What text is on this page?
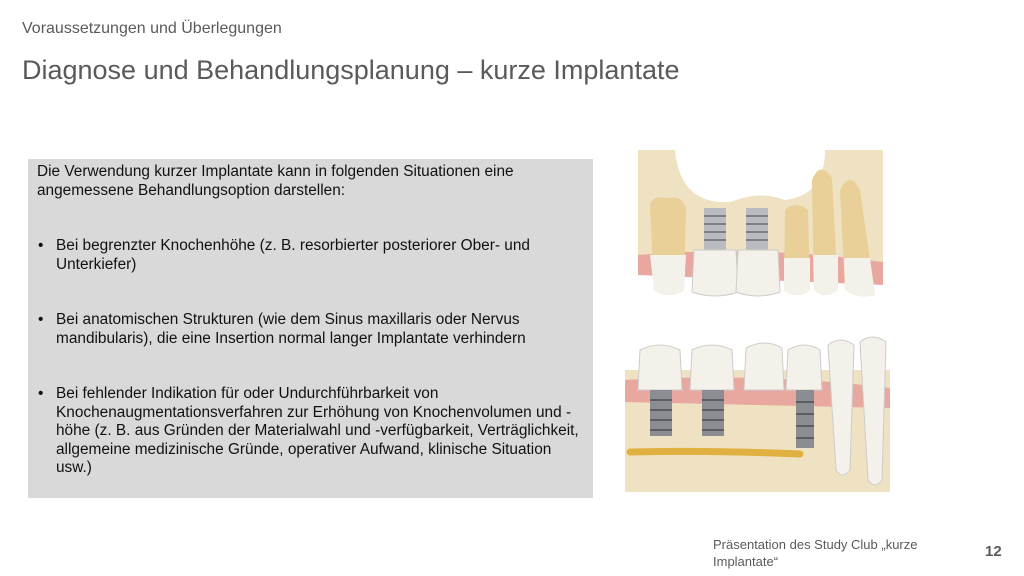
Voraussetzungen und Überlegungen
Diagnose und Behandlungsplanung – kurze Implantate

Die Verwendung kurzer Implantate kann in folgenden Situationen eine angemessene Behandlungsoption darstellen:

• Bei begrenzter Knochenhöhe (z. B. resorbierter posteriorer Ober- und Unterkiefer)
• Bei anatomischen Strukturen (wie dem Sinus maxillaris oder Nervus mandibularis), die eine Insertion normal langer Implantate verhindern
• Bei fehlender Indikation für oder Undurchführbarkeit von Knochenaugmentationsverfahren zur Erhöhung von Knochenvolumen und -höhe (z. B. aus Gründen der Materialwahl und -verfügbarkeit, Verträglichkeit, allgemeine medizinische Gründe, operativer Aufwand, klinische Situation usw.)
Präsentation des Study Club „kurze Implantate“
12
